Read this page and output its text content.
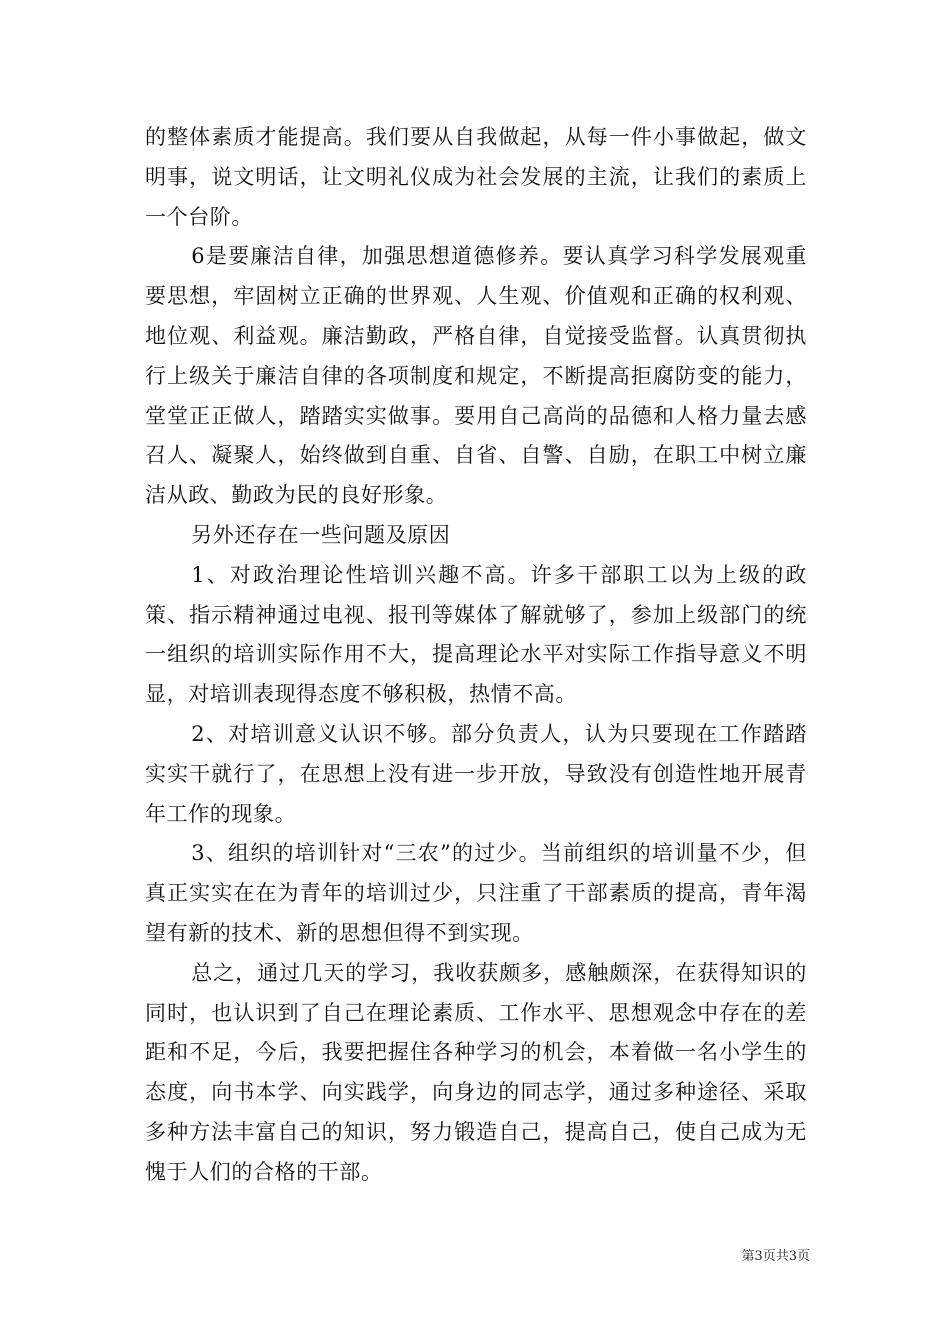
的整体素质才能提高。我们要从自我做起，从每一件小事做起，做文明事，说文明话，让文明礼仪成为社会发展的主流，让我们的素质上一个台阶。

6是要廉洁自律，加强思想道德修养。要认真学习科学发展观重要思想，牢固树立正确的世界观、人生观、价值观和正确的权利观、地位观、利益观。廉洁勤政，严格自律，自觉接受监督。认真贯彻执行上级关于廉洁自律的各项制度和规定，不断提高拒腐防变的能力，堂堂正正做人，踏踏实实做事。要用自己高尚的品德和人格力量去感召人、凝聚人，始终做到自重、自省、自警、自励，在职工中树立廉洁从政、勤政为民的良好形象。

另外还存在一些问题及原因

1、对政治理论性培训兴趣不高。许多干部职工以为上级的政策、指示精神通过电视、报刊等媒体了解就够了，参加上级部门的统一组织的培训实际作用不大，提高理论水平对实际工作指导意义不明显，对培训表现得态度不够积极，热情不高。

2、对培训意义认识不够。部分负责人，认为只要现在工作踏踏实实干就行了，在思想上没有进一步开放，导致没有创造性地开展青年工作的现象。

3、组织的培训针对“三农”的过少。当前组织的培训量不少，但真正实实在在为青年的培训过少，只注重了干部素质的提高，青年渴望有新的技术、新的思想但得不到实现。

总之，通过几天的学习，我收获颇多，感触颇深，在获得知识的同时，也认识到了自己在理论素质、工作水平、思想观念中存在的差距和不足，今后，我要把握住各种学习的机会，本着做一名小学生的态度，向书本学、向实践学，向身边的同志学，通过多种途径、采取多种方法丰富自己的知识，努力锻造自己，提高自己，使自己成为无愧于人们的合格的干部。

第3页共3页
